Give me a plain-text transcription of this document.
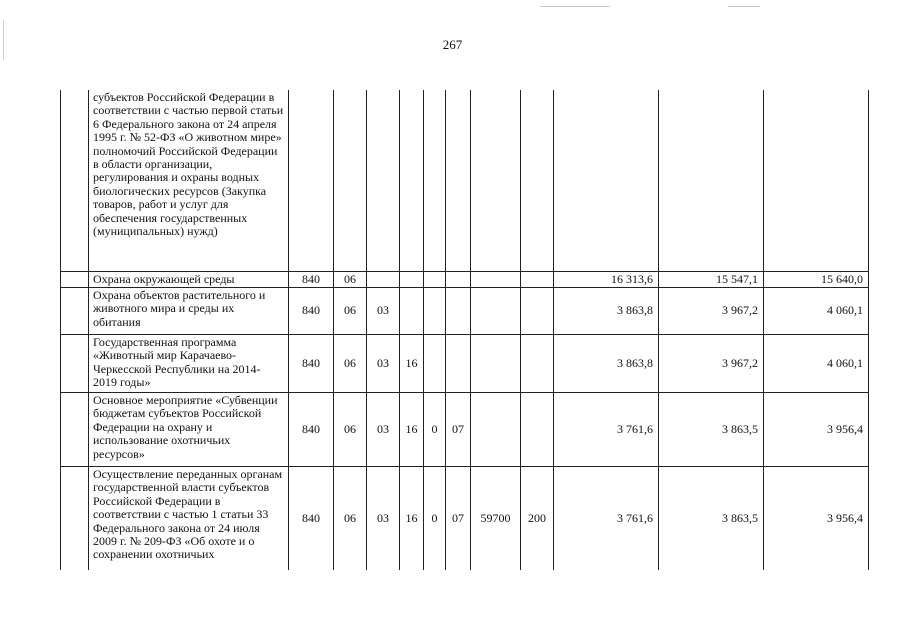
267
	субъектов Российской Федерации в соответствии с частью первой статьи 6 Федерального закона от 24 апреля 1995 г. № 52-ФЗ «О животном мире» полномочий Российской Федерации в области организации, регулирования и охраны водных биологических ресурсов (Закупка товаров, работ и услуг для обеспечения государственных (муниципальных) нужд)											
	Охрана окружающей среды	840	06							16 313,6	15 547,1	15 640,0
	Охрана объектов растительного и животного мира и среды их обитания	840	06	03						3 863,8	3 967,2	4 060,1
	Государственная программа «Животный мир Карачаево-Черкесской Республики на 2014-2019 годы»	840	06	03	16					3 863,8	3 967,2	4 060,1
	Основное мероприятие «Субвенции бюджетам субъектов Российской Федерации на охрану и использование охотничьих ресурсов»	840	06	03	16	0	07			3 761,6	3 863,5	3 956,4
	Осуществление переданных органам государственной власти субъектов Российской Федерации в соответствии с частью 1 статьи 33 Федерального закона от 24 июля 2009 г. № 209-ФЗ «Об охоте и о сохранении охотничьих	840	06	03	16	0	07	59700	200	3 761,6	3 863,5	3 956,4
